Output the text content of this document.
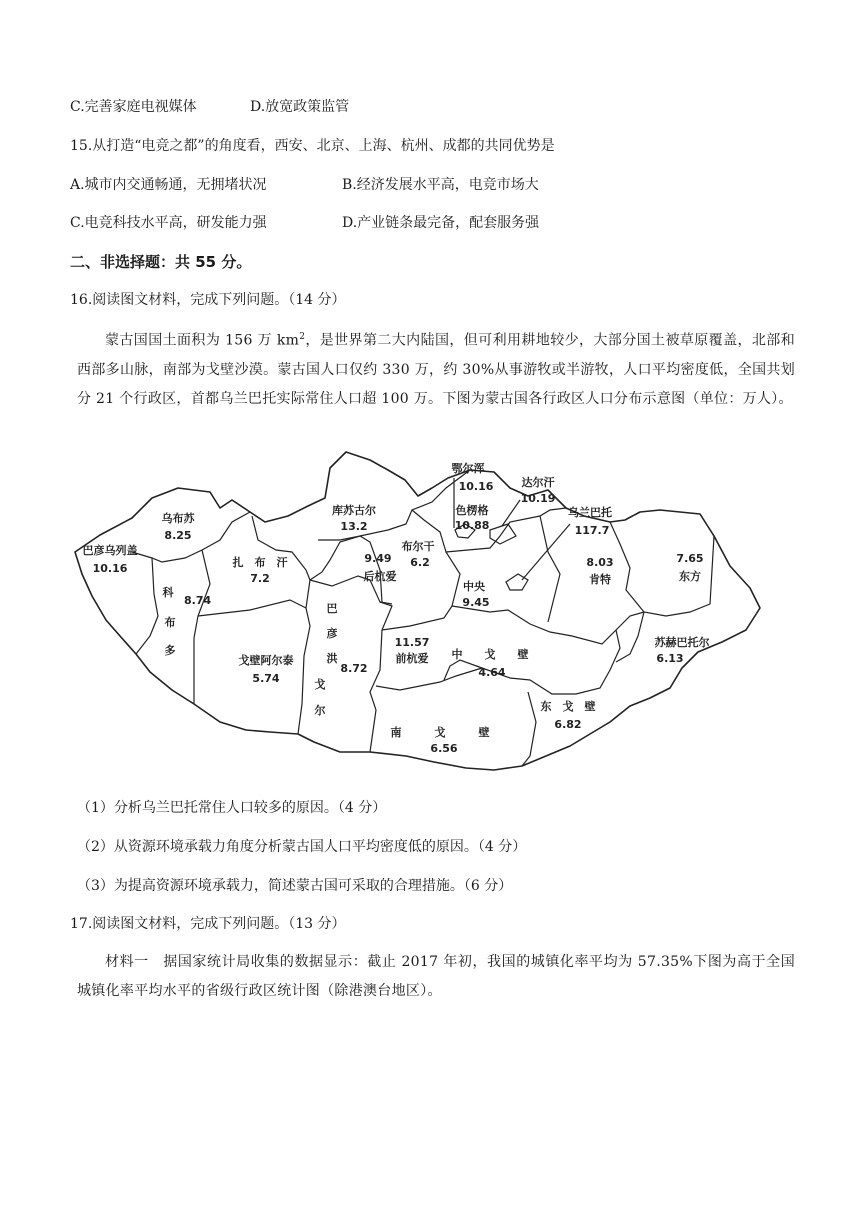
C.完善家庭电视媒体	D.放宽政策监管
15.从打造“电竞之都”的角度看，西安、北京、上海、杭州、成都的共同优势是
A.城市内交通畅通，无拥堵状况	B.经济发展水平高，电竞市场大
C.电竞科技水平高，研发能力强	D.产业链条最完备，配套服务强
二、非选择题：共 55 分。
16.阅读图文材料，完成下列问题。（14 分）
蒙古国国土面积为 156 万 $km^2$，是世界第二大内陆国，但可利用耕地较少，大部分国土被草原覆盖，北部和西部多山脉，南部为戈壁沙漠。蒙古国人口仅约 330 万，约 30%从事游牧或半游牧，人口平均密度低，全国共划分 21 个行政区，首都乌兰巴托实际常住人口超 100 万。下图为蒙古国各行政区人口分布示意图（单位：万人）。
乌布苏
8.25
巴彦乌列盖
10.16
科
8.74
布
多
扎　布　汗
7.2
戈壁阿尔泰
5.74
库苏古尔
13.2
9.49
后杭爱
布尔干
6.2
巴
彦
洪
8.72
戈
尔
11.57
前杭爱
鄂尔浑
10.16	达尔汗
10.19
色楞格
10.88
乌兰巴托
117.7
中央
9.45
中　　戈　　壁
4.64
南　　　戈　　　壁
6.56
东　戈　壁
6.82
8.03
肯特
7.65
东方
苏赫巴托尔
6.13
（1）分析乌兰巴托常住人口较多的原因。（4 分）
（2）从资源环境承载力角度分析蒙古国人口平均密度低的原因。（4 分）
（3）为提高资源环境承载力，简述蒙古国可采取的合理措施。（6 分）
17.阅读图文材料，完成下列问题。（13 分）
材料一　据国家统计局收集的数据显示：截止 2017 年初，我国的城镇化率平均为 57.35%下图为高于全国城镇化率平均水平的省级行政区统计图（除港澳台地区）。
